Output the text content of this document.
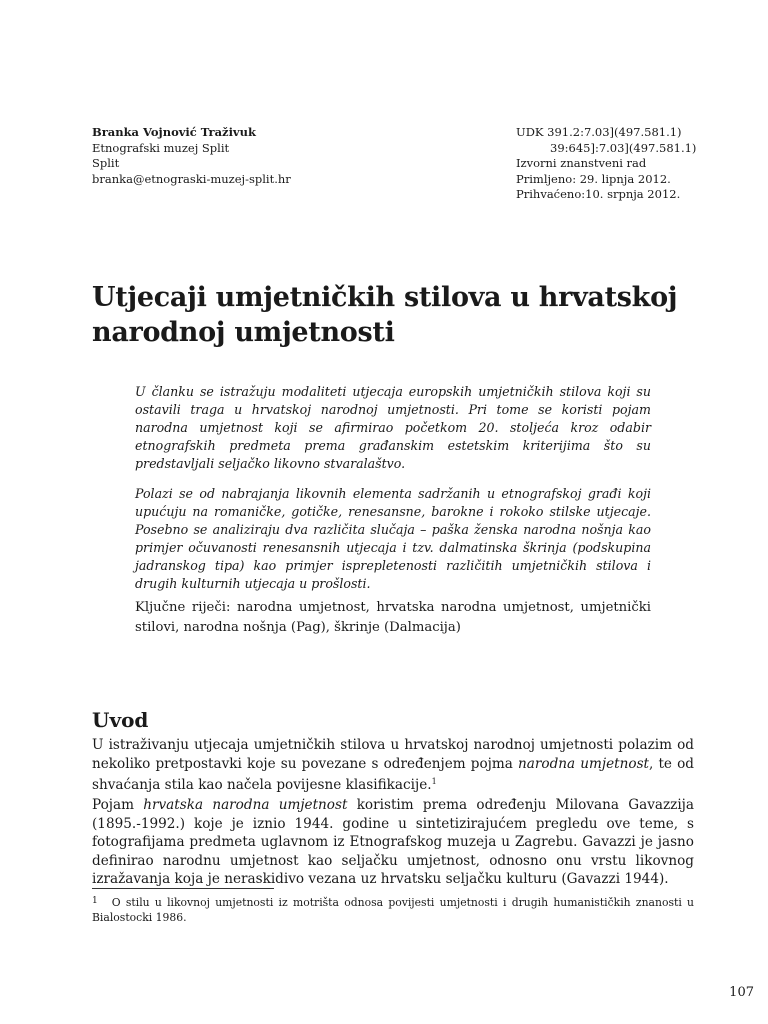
Branka Vojnović Traživuk
Etnografski muzej Split
Split
branka@etnograski-muzej-split.hr
UDK 391.2:7.03](497.581.1)
39:645]:7.03](497.581.1)
Izvorni znanstveni rad
Primljeno: 29. lipnja 2012.
Prihvaćeno:10. srpnja 2012.
Utjecaji umjetničkih stilova u hrvatskoj narodnoj umjetnosti
U članku se istražuju modaliteti utjecaja europskih umjetničkih stilova koji su ostavili traga u hrvatskoj narodnoj umjetnosti. Pri tome se koristi pojam narodna umjetnost koji se afirmirao početkom 20. stoljeća kroz odabir etnografskih predmeta prema građanskim estetskim kriterijima što su predstavljali seljačko likovno stvaralaštvo.
Polazi se od nabrajanja likovnih elementa sadržanih u etnografskoj građi koji upućuju na romaničke, gotičke, renesansne, barokne i rokoko stilske utjecaje. Posebno se analiziraju dva različita slučaja – paška ženska narodna nošnja kao primjer očuvanosti renesansnih utjecaja i tzv. dalmatinska škrinja (podskupina jadranskog tipa) kao primjer isprepletenosti različitih umjetničkih stilova i drugih kulturnih utjecaja u prošlosti.
Ključne riječi: narodna umjetnost, hrvatska narodna umjetnost, umjetnički stilovi, narodna nošnja (Pag), škrinje (Dalmacija)
Uvod
U istraživanju utjecaja umjetničkih stilova u hrvatskoj narodnoj umjetnosti polazim od nekoliko pretpostavki koje su povezane s određenjem pojma narodna umjetnost, te od shvaćanja stila kao načela povijesne klasifikacije.$^1$
Pojam hrvatska narodna umjetnost koristim prema određenju Milovana Gavazzija (1895.-1992.) koje je iznio 1944. godine u sintetizirajućem pregledu ove teme, s fotografijama predmeta uglavnom iz Etnografskog muzeja u Zagrebu. Gavazzi je jasno definirao narodnu umjetnost kao seljačku umjetnost, odnosno onu vrstu likovnog izražavanja koja je neraskidivo vezana uz hrvatsku seljačku kulturu (Gavazzi 1944).
$^1$ O stilu u likovnoj umjetnosti iz motrišta odnosa povijesti umjetnosti i drugih humanističkih znanosti u Bialostocki 1986.
107
